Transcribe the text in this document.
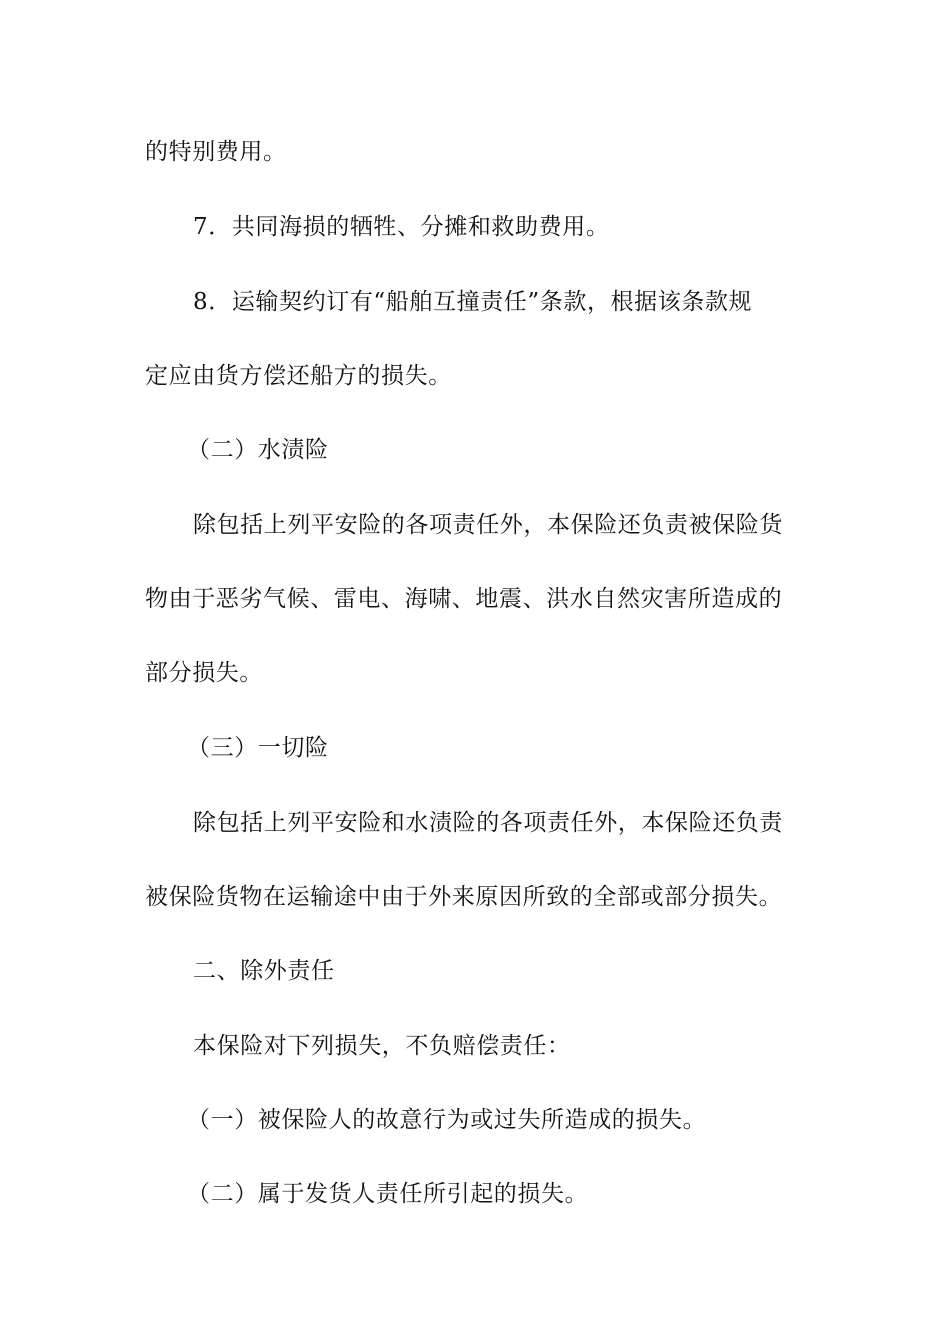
的特别费用。
7．共同海损的牺牲、分摊和救助费用。
8．运输契约订有“船舶互撞责任”条款，根据该条款规
定应由货方偿还船方的损失。
（二）水渍险
除包括上列平安险的各项责任外，本保险还负责被保险货
物由于恶劣气候、雷电、海啸、地震、洪水自然灾害所造成的
部分损失。
（三）一切险
除包括上列平安险和水渍险的各项责任外，本保险还负责
被保险货物在运输途中由于外来原因所致的全部或部分损失。
二、除外责任
本保险对下列损失，不负赔偿责任：
（一）被保险人的故意行为或过失所造成的损失。
（二）属于发货人责任所引起的损失。
